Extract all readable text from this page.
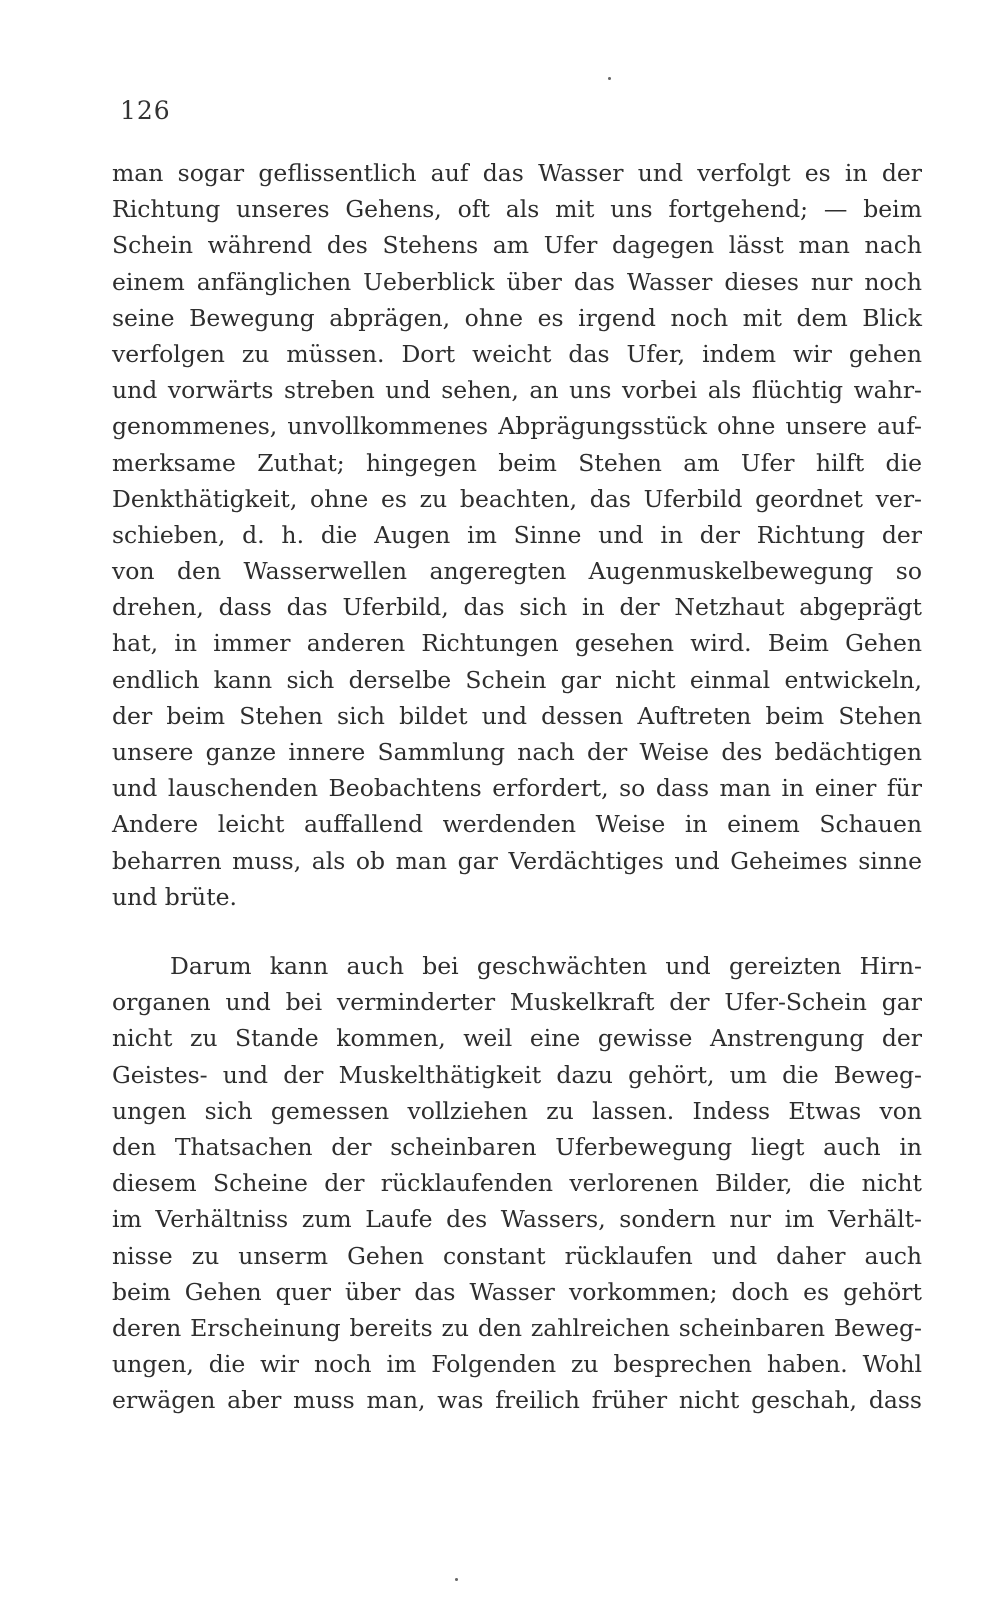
126
man sogar geflissentlich auf das Wasser und verfolgt es in der
Richtung unseres Gehens, oft als mit uns fortgehend; — beim
Schein während des Stehens am Ufer dagegen lässt man nach
einem anfänglichen Ueberblick über das Wasser dieses nur noch
seine Bewegung abprägen, ohne es irgend noch mit dem Blick
verfolgen zu müssen. Dort weicht das Ufer, indem wir gehen
und vorwärts streben und sehen, an uns vorbei als flüchtig wahr-
genommenes, unvollkommenes Abprägungsstück ohne unsere auf-
merksame Zuthat; hingegen beim Stehen am Ufer hilft die
Denkthätigkeit, ohne es zu beachten, das Uferbild geordnet ver-
schieben, d. h. die Augen im Sinne und in der Richtung der
von den Wasserwellen angeregten Augenmuskelbewegung so
drehen, dass das Uferbild, das sich in der Netzhaut abgeprägt
hat, in immer anderen Richtungen gesehen wird. Beim Gehen
endlich kann sich derselbe Schein gar nicht einmal entwickeln,
der beim Stehen sich bildet und dessen Auftreten beim Stehen
unsere ganze innere Sammlung nach der Weise des bedächtigen
und lauschenden Beobachtens erfordert, so dass man in einer für
Andere leicht auffallend werdenden Weise in einem Schauen
beharren muss, als ob man gar Verdächtiges und Geheimes sinne
und brüte.
Darum kann auch bei geschwächten und gereizten Hirn-
organen und bei verminderter Muskelkraft der Ufer-Schein gar
nicht zu Stande kommen, weil eine gewisse Anstrengung der
Geistes- und der Muskelthätigkeit dazu gehört, um die Beweg-
ungen sich gemessen vollziehen zu lassen. Indess Etwas von
den Thatsachen der scheinbaren Uferbewegung liegt auch in
diesem Scheine der rücklaufenden verlorenen Bilder, die nicht
im Verhältniss zum Laufe des Wassers, sondern nur im Verhält-
nisse zu unserm Gehen constant rücklaufen und daher auch
beim Gehen quer über das Wasser vorkommen; doch es gehört
deren Erscheinung bereits zu den zahlreichen scheinbaren Beweg-
ungen, die wir noch im Folgenden zu besprechen haben. Wohl
erwägen aber muss man, was freilich früher nicht geschah, dass
